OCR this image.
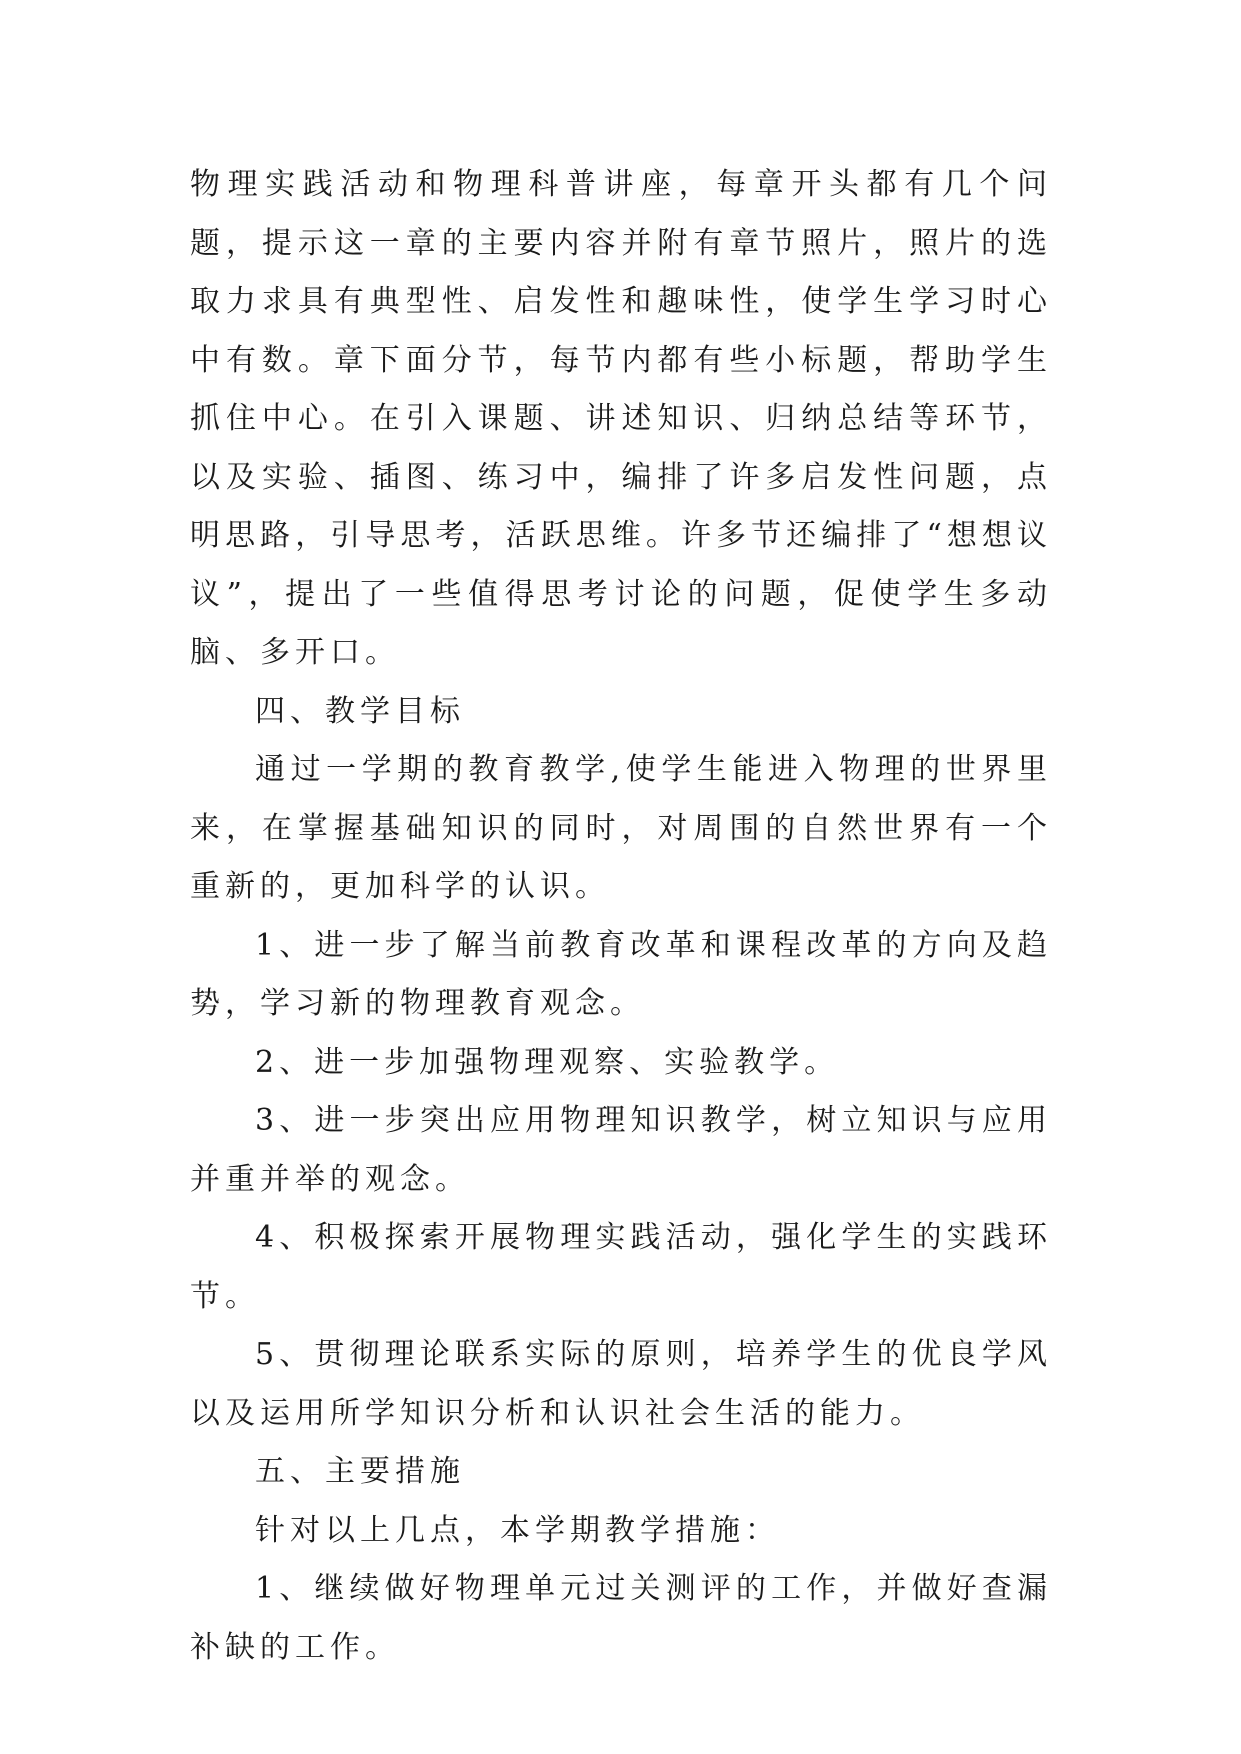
物理实践活动和物理科普讲座，每章开头都有几个问题，提示这一章的主要内容并附有章节照片，照片的选取力求具有典型性、启发性和趣味性，使学生学习时心中有数。章下面分节，每节内都有些小标题，帮助学生抓住中心。在引入课题、讲述知识、归纳总结等环节，以及实验、插图、练习中，编排了许多启发性问题，点明思路，引导思考，活跃思维。许多节还编排了“想想议议”，提出了一些值得思考讨论的问题，促使学生多动脑、多开口。

四、教学目标

通过一学期的教育教学,使学生能进入物理的世界里来，在掌握基础知识的同时，对周围的自然世界有一个重新的，更加科学的认识。

1、进一步了解当前教育改革和课程改革的方向及趋势，学习新的物理教育观念。

2、进一步加强物理观察、实验教学。

3、进一步突出应用物理知识教学，树立知识与应用并重并举的观念。

4、积极探索开展物理实践活动，强化学生的实践环节。

5、贯彻理论联系实际的原则，培养学生的优良学风以及运用所学知识分析和认识社会生活的能力。

五、主要措施

针对以上几点，本学期教学措施：

1、继续做好物理单元过关测评的工作，并做好查漏补缺的工作。
